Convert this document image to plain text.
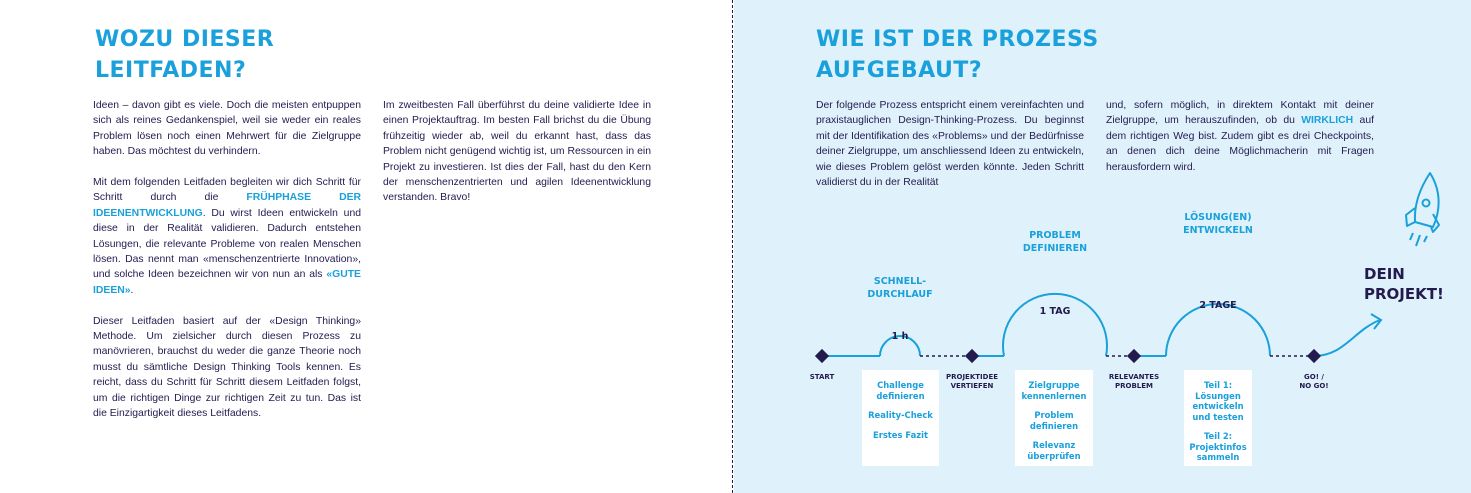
WOZU DIESER
LEITFADEN?

Ideen – davon gibt es viele. Doch die meisten entpuppen sich als reines Gedankenspiel, weil sie weder ein reales Problem lösen noch einen Mehrwert für die Zielgruppe haben. Das möchtest du verhindern.

Mit dem folgenden Leitfaden begleiten wir dich Schritt für Schritt durch die FRÜHPHASE DER IDEENENTWICKLUNG. Du wirst Ideen entwickeln und diese in der Realität validieren. Dadurch entstehen Lösungen, die relevante Probleme von realen Menschen lösen. Das nennt man «menschenzentrierte Innovation», und solche Ideen bezeichnen wir von nun an als «GUTE IDEEN».

Dieser Leitfaden basiert auf der «Design Thinking» Methode. Um zielsicher durch diesen Prozess zu manövrieren, brauchst du weder die ganze Theorie noch musst du sämtliche Design Thinking Tools kennen. Es reicht, dass du Schritt für Schritt diesem Leitfaden folgst, um die richtigen Dinge zur richtigen Zeit zu tun. Das ist die Einzigartigkeit dieses Leitfadens.

Im zweitbesten Fall überführst du deine validierte Idee in einen Projektauftrag. Im besten Fall brichst du die Übung frühzeitig wieder ab, weil du erkannt hast, dass das Problem nicht genügend wichtig ist, um Ressourcen in ein Projekt zu investieren. Ist dies der Fall, hast du den Kern der menschenzentrierten und agilen Ideenentwicklung verstanden. Bravo!

WIE IST DER PROZESS
AUFGEBAUT?

Der folgende Prozess entspricht einem vereinfachten und praxistauglichen Design-Thinking-Prozess. Du beginnst mit der Identifikation des «Problems» und der Bedürfnisse deiner Zielgruppe, um anschliessend Ideen zu entwickeln, wie dieses Problem gelöst werden könnte. Jeden Schritt validierst du in der Realität

und, sofern möglich, in direktem Kontakt mit deiner Zielgruppe, um herauszufinden, ob du WIRKLICH auf dem richtigen Weg bist. Zudem gibt es drei Checkpoints, an denen dich deine Möglichmacherin mit Fragen herausfordern wird.

SCHNELL-
DURCHLAUF
PROBLEM
DEFINIEREN
LÖSUNG(EN)
ENTWICKELN
1 h
1 TAG
2 TAGE
START	PROJEKTIDEE
VERTIEFEN
RELEVANTES
PROBLEM
GO! /
NO GO!
Challenge definieren
Reality-Check
Erstes Fazit
Zielgruppe kennenlernen
Problem definieren
Relevanz überprüfen
Teil 1: Lösungen entwickeln und testen
Teil 2: Projektinfos sammeln
DEIN
PROJEKT!
